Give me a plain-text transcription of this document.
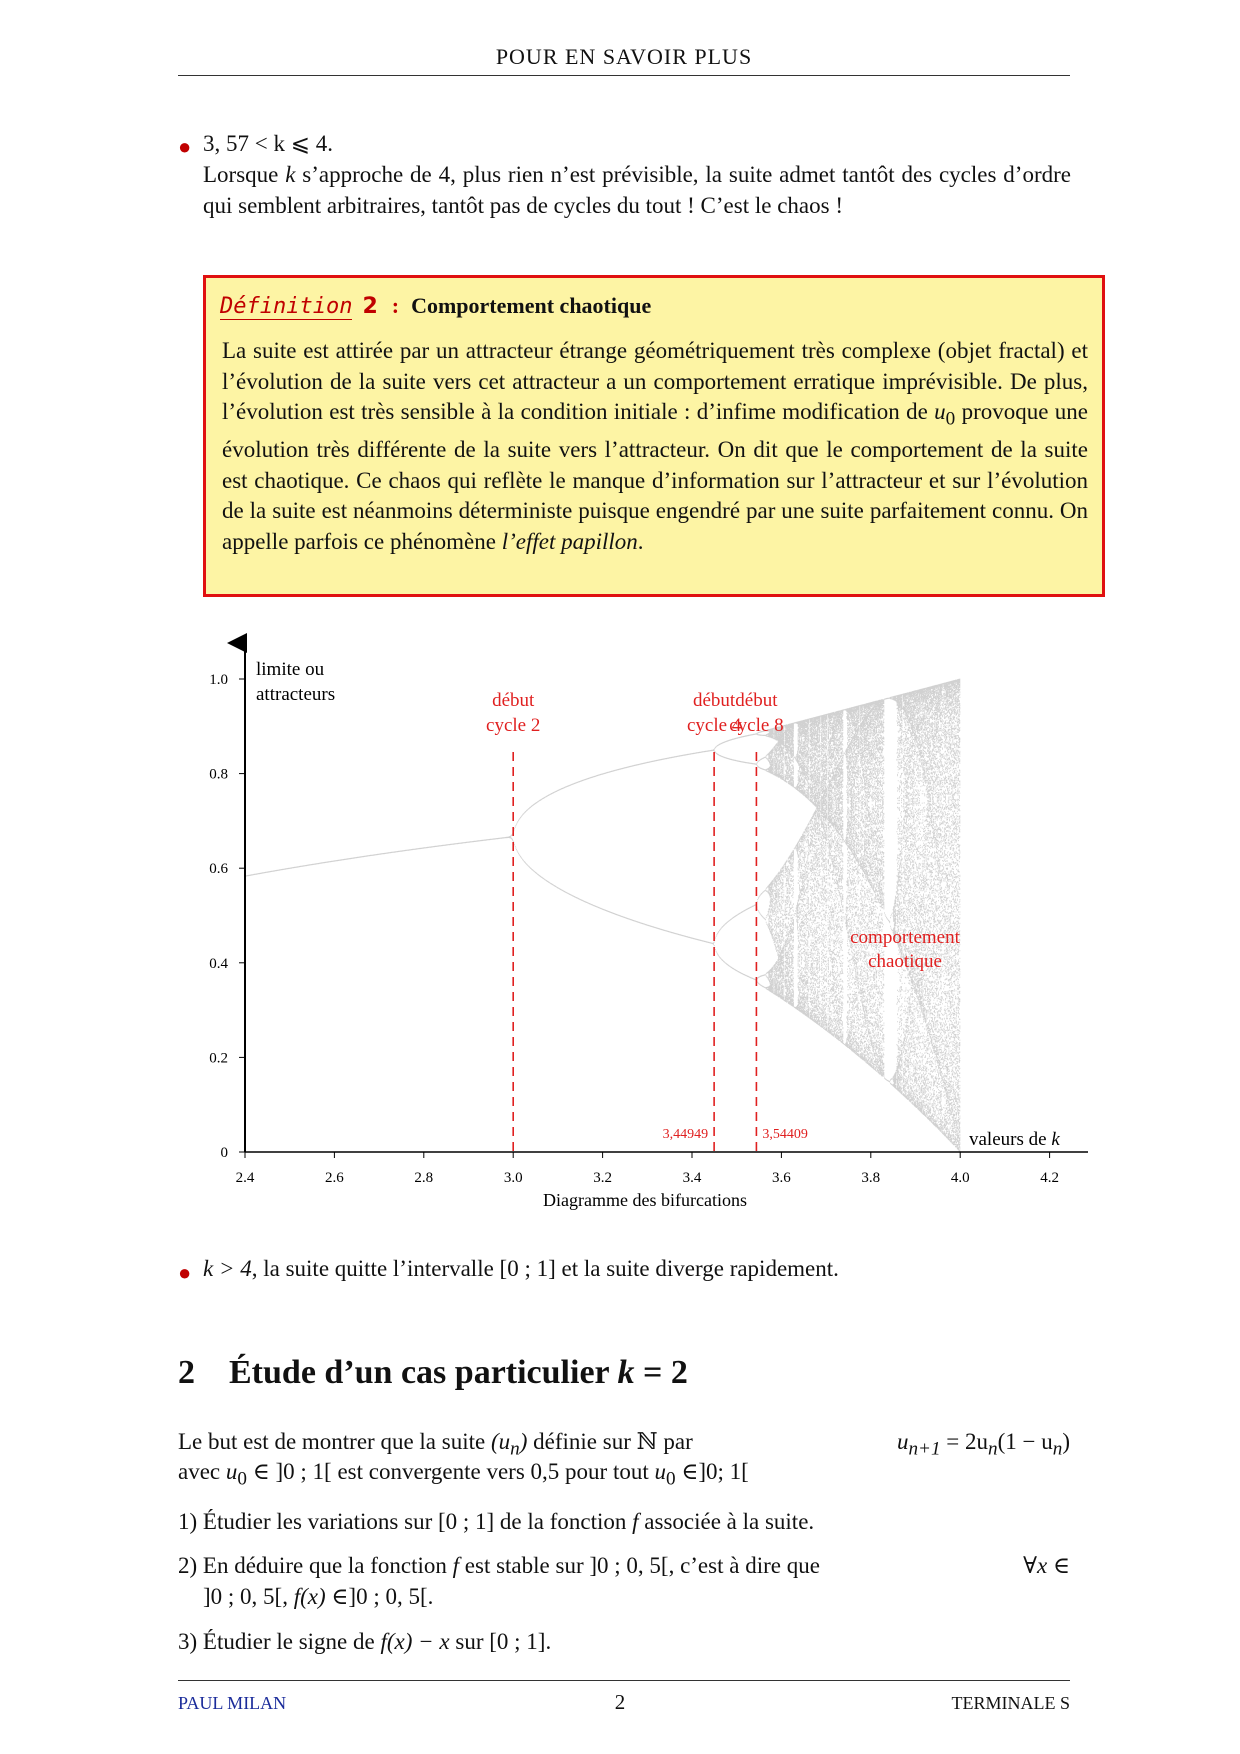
POUR EN SAVOIR PLUS
● 3, 57 < k ⩽ 4.
Lorsque k s’approche de 4, plus rien n’est prévisible, la suite admet tantôt des cycles d’ordre qui semblent arbitraires, tantôt pas de cycles du tout ! C’est le chaos !
Définition 2 : Comportement chaotique
La suite est attirée par un attracteur étrange géométriquement très complexe (objet fractal) et l’évolution de la suite vers cet attracteur a un comportement erratique imprévisible. De plus, l’évolution est très sensible à la condition initiale : d’infime modification de $u_0$ provoque une évolution très différente de la suite vers l’attracteur. On dit que le comportement de la suite est chaotique. Ce chaos qui reflète le manque d’information sur l’attracteur et sur l’évolution de la suite est néanmoins déterministe puisque engendré par une suite parfaitement connu. On appelle parfois ce phénomène l’effet papillon.
2.4	2.6	2.8	3.0	3.2	3.4	3.6	3.8	4.0	4.2
0
0.2
0.4
0.6
0.8
1.0
début
cycle 2
début
cycle 4
3,44949
début
cycle 8
3,54409
limite ou
attracteurs
valeurs de k
comportement
chaotique
Diagramme des bifurcations
● k > 4, la suite quitte l’intervalle [0 ; 1] et la suite diverge rapidement.
2 Étude d’un cas particulier k = 2
Le but est de montrer que la suite $(u_n)$ définie sur ℕ par	$u_{n+1} = 2u_n(1 - u_n)$
avec $u_0$ ∈ ]0 ; 1[ est convergente vers 0,5 pour tout $u_0$ ∈]0; 1[
1) Étudier les variations sur [0 ; 1] de la fonction f associée à la suite.
2) En déduire que la fonction f est stable sur ]0 ; 0, 5[, c’est à dire que	∀x ∈
]0 ; 0, 5[, f(x) ∈]0 ; 0, 5[.
3) Étudier le signe de f(x) − x sur [0 ; 1].
PAUL MILAN	2	TERMINALE S
